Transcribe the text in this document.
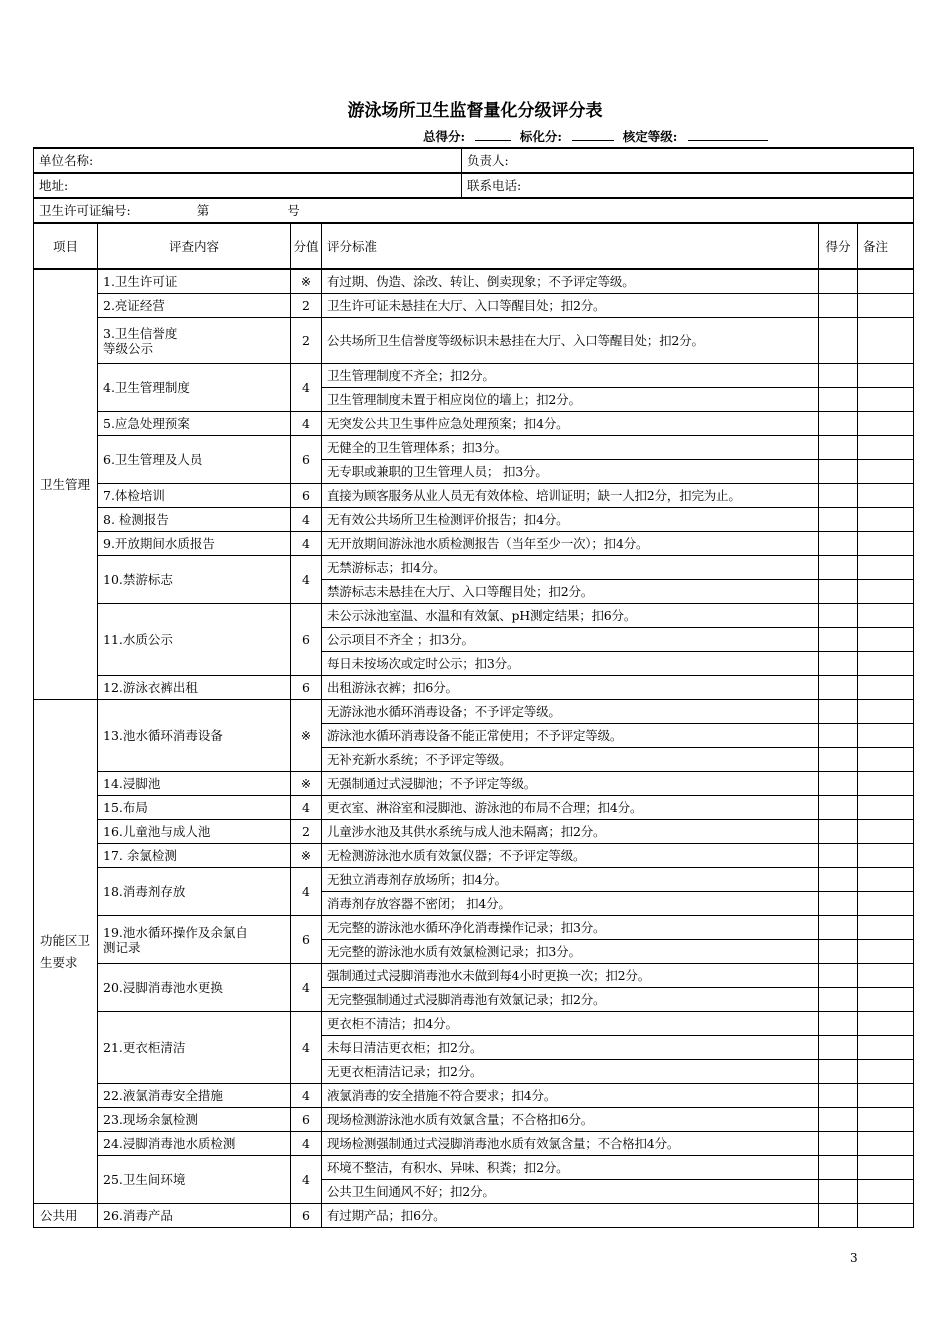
游泳场所卫生监督量化分级评分表
总得分:	标化分:	核定等级:
单位名称:				负责人:		
地址:				联系电话:		
卫生许可证编号: 第 号						
项目	评查内容	分值	评分标准		得分	备注
卫生管理	1.卫生许可证	※	有过期、伪造、涂改、转让、倒卖现象；不予评定等级。			
	2.亮证经营	2	卫生许可证未悬挂在大厅、入口等醒目处；扣2分。			
	3.卫生信誉度
等级公示	2	公共场所卫生信誉度等级标识未悬挂在大厅、入口等醒目处；扣2分。			
	4.卫生管理制度	4	卫生管理制度不齐全；扣2分。			
			卫生管理制度未置于相应岗位的墙上；扣2分。			
	5.应急处理预案	4	无突发公共卫生事件应急处理预案；扣4分。			
	6.卫生管理及人员	6	无健全的卫生管理体系；扣3分。			
			无专职或兼职的卫生管理人员； 扣3分。			
	7.体检培训	6	直接为顾客服务从业人员无有效体检、培训证明；缺一人扣2分，扣完为止。			
	8. 检测报告	4	无有效公共场所卫生检测评价报告；扣4分。			
	9.开放期间水质报告	4	无开放期间游泳池水质检测报告（当年至少一次）；扣4分。			
	10.禁游标志	4	无禁游标志；扣4分。			
			禁游标志未悬挂在大厅、入口等醒目处；扣2分。			
	11.水质公示	6	未公示泳池室温、水温和有效氯、pH测定结果；扣6分。			
			公示项目不齐全 ；扣3分。			
			每日未按场次或定时公示；扣3分。			
	12.游泳衣裤出租	6	出租游泳衣裤；扣6分。			
功能区卫生要求	13.池水循环消毒设备	※	无游泳池水循环消毒设备；不予评定等级。			
			游泳池水循环消毒设备不能正常使用；不予评定等级。			
			无补充新水系统；不予评定等级。			
	14.浸脚池	※	无强制通过式浸脚池；不予评定等级。			
	15.布局	4	更衣室、淋浴室和浸脚池、游泳池的布局不合理；扣4分。			
	16.儿童池与成人池	2	儿童涉水池及其供水系统与成人池未隔离；扣2分。			
	17. 余氯检测	※	无检测游泳池水质有效氯仪器；不予评定等级。			
	18.消毒剂存放	4	无独立消毒剂存放场所；扣4分。			
			消毒剂存放容器不密闭； 扣4分。			
	19.池水循环操作及余氯自
测记录	6	无完整的游泳池水循环净化消毒操作记录；扣3分。			
			无完整的游泳池水质有效氯检测记录；扣3分。			
	20.浸脚消毒池水更换	4	强制通过式浸脚消毒池水未做到每4小时更换一次；扣2分。			
			无完整强制通过式浸脚消毒池有效氯记录；扣2分。			
	21.更衣柜清洁	4	更衣柜不清洁；扣4分。			
			未每日清洁更衣柜；扣2分。			
			无更衣柜清洁记录；扣2分。			
	22.液氯消毒安全措施	4	液氯消毒的安全措施不符合要求；扣4分。			
	23.现场余氯检测	6	现场检测游泳池水质有效氯含量；不合格扣6分。			
	24.浸脚消毒池水质检测	4	现场检测强制通过式浸脚消毒池水质有效氯含量；不合格扣4分。			
	25.卫生间环境	4	环境不整洁，有积水、异味、积粪；扣2分。			
			公共卫生间通风不好；扣2分。			
公共用	26.消毒产品	6	有过期产品；扣6分。			
3
